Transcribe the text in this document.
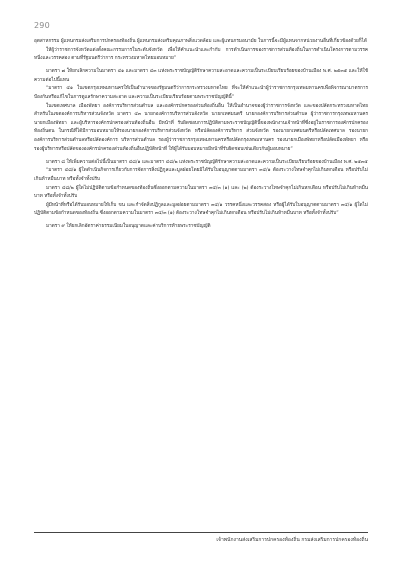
290

อุตสาหกรรม ผู้แทนกรมส่งเสริมการปกครองท้องถิ่น ผู้แทนกรมส่งเสริมคุณภาพสิ่งแวดล้อม และผู้แทนกรมอนามัย ในการนี้จะมีผู้แทนจากหน่วยงานอื่นที่เกี่ยวข้องด้วยก็ได้

ให้ผู้ว่าราชการจังหวัดแต่งตั้งคณะกรรมการในระดับจังหวัด เพื่อให้คำแนะนำและกำกับ การดำเนินการของราชการส่วนท้องถิ่นในการดำเนินโครงการตามวรรคหนึ่งและวรรคสอง ตามที่รัฐมนตรีว่าการ กระทรวงมหาดไทยมอบหมาย”

มาตรา ๗ ให้ยกเลิกความในมาตรา ๔๑ และมาตรา ๔๓ แห่งพระราชบัญญัติรักษาความสะอาดและความเป็นระเบียบเรียบร้อยของบ้านเมือง พ.ศ. ๒๕๓๕ และให้ใช้ความต่อไปนี้แทน

“มาตรา ๔๑ ในเขตกรุงเทพมหานครให้เป็นอำนาจของรัฐมนตรีว่าการกระทรวงมหาดไทย ที่จะให้คำแนะนำผู้ว่าราชการกรุงเทพมหานครเพื่อพิจารณามาตรการป้องกันหรือแก้ไขในการดูแลรักษาความสะอาด และความเป็นระเบียบเรียบร้อยตามพระราชบัญญัตินี้”

ในเขตเทศบาล เมืองพัทยา องค์การบริหารส่วนตำบล และองค์กรปกครองส่วนท้องถิ่นอื่น ให้เป็นอำนาจของผู้ว่าราชการจังหวัด และของปลัดกระทรวงมหาดไทยสำหรับในเขตองค์การบริหารส่วนจังหวัด มาตรา ๔๓ นายกองค์การบริหารส่วนจังหวัด นายกเทศมนตรี นายกองค์การบริหารส่วนตำบล ผู้ว่าราชการกรุงเทพมหานคร นายกเมืองพัทยา และผู้บริหารองค์กรปกครองส่วนท้องถิ่นอื่น มีหน้าที่ รับผิดชอบการปฏิบัติตามพระราชบัญญัตินี้ของพนักงานเจ้าหน้าที่ซึ่งอยู่ในราชการองค์กรปกครองท้องถิ่นตน ในกรณีที่ได้มีการมอบหมายให้รองนายกองค์การบริหารส่วนจังหวัด หรือปลัดองค์การบริหาร ส่วนจังหวัด รองนายกเทศมนตรีหรือปลัดเทศบาล รองนายกองค์การบริหารส่วนตำบลหรือปลัดองค์การ บริหารส่วนตำบล รองผู้ว่าราชการกรุงเทพมหานครหรือปลัดกรุงเทพมหานคร รองนายกเมืองพัทยาหรือปลัดเมืองพัทยา หรือรองผู้บริหารหรือปลัดขององค์กรปกครองส่วนท้องถิ่นอื่นปฏิบัติหน้าที่ ให้ผู้ได้รับมอบหมายมีหน้าที่รับผิดชอบเช่นเดียวกับผู้มอบหมาย”

มาตรา ๘ ให้เพิ่มความต่อไปนี้เป็นมาตรา ๔๘/๑ และมาตรา ๔๘/๒ แห่งพระราชบัญญัติรักษาความสะอาดและความเป็นระเบียบเรียบร้อยของบ้านเมือง พ.ศ. ๒๕๓๕

“มาตรา ๔๘/๑ ผู้ใดดำเนินกิจการเกี่ยวกับการจัดการสิ่งปฏิกูลและมูลฝอยโดยมิได้รับใบอนุญาตตามมาตรา ๓๔/๑ ต้องระวางโทษจำคุกไม่เกินหกเดือน หรือปรับไม่เกินห้าหมื่นบาท หรือทั้งจำทั้งปรับ

มาตรา ๔๘/๒ ผู้ใดไม่ปฏิบัติตามข้อกำหนดของท้องถิ่นซึ่งออกตามความในมาตรา ๓๔/๓ (๑) และ (๒) ต้องระวางโทษจำคุกไม่เกินหกเดือน หรือปรับไม่เกินห้าหมื่นบาท หรือทั้งจำทั้งปรับ

ผู้มีหน้าที่หรือได้รับมอบหมายให้เก็บ ขน และกำจัดสิ่งปฏิกูลและมูลฝอยตามมาตรา ๓๔/๑ วรรคหนึ่งและวรรคสอง หรือผู้ได้รับใบอนุญาตตามมาตรา ๓๔/๑ ผู้ใดไม่ปฏิบัติตามข้อกำหนดของท้องถิ่น ซึ่งออกตามความในมาตรา ๓๔/๓ (๑) ต้องระวางโทษจำคุกไม่เกินหกเดือน หรือปรับไม่เกินห้าหมื่นบาท หรือทั้งจำทั้งปรับ”

มาตรา ๙ ให้ยกเลิกอัตราค่าธรรมเนียมใบอนุญาตและค่าบริการท้ายพระราชบัญญัติ

เจ้าพนักงานส่งเสริมการปกครองท้องถิ่น กรมส่งเสริมการปกครองท้องถิ่น
